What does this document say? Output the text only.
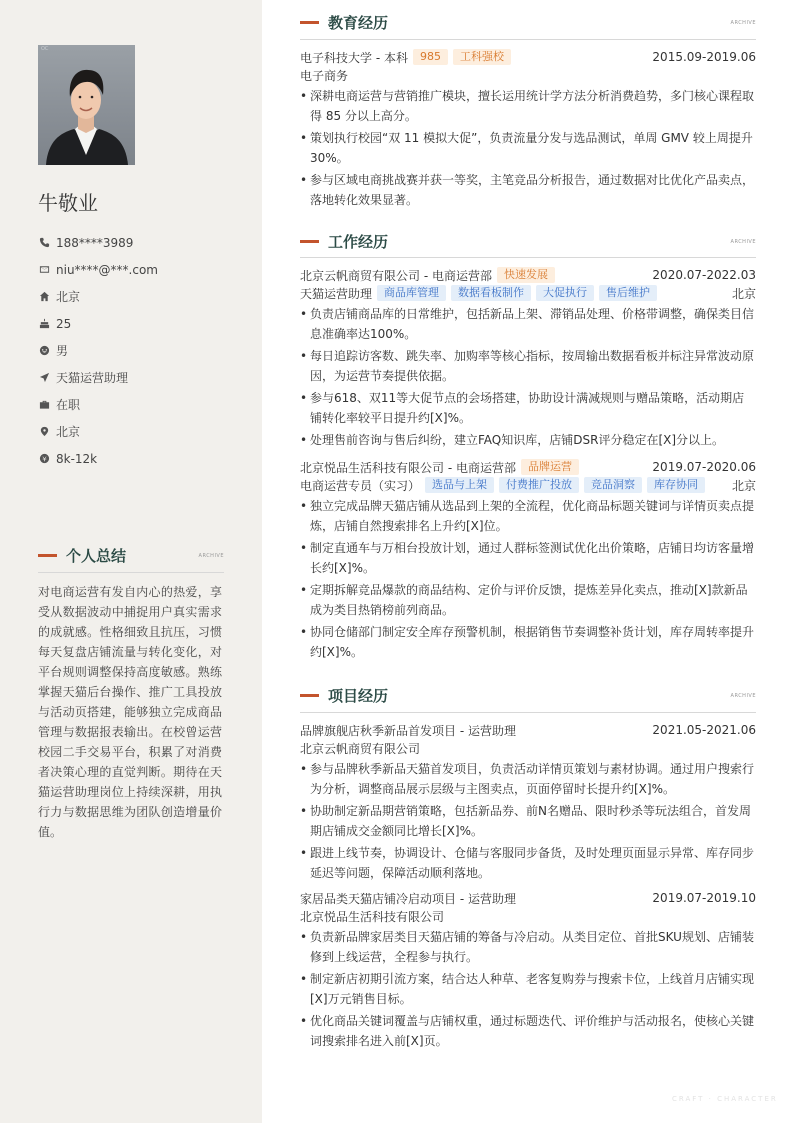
OC
牛敬业
188****3989
niu****@***.com
北京
25
男
天猫运营助理
在职
北京
8k-12k
个人总结	ARCHIVE
对电商运营有发自内心的热爱，享受从数据波动中捕捉用户真实需求的成就感。性格细致且抗压，习惯每天复盘店铺流量与转化变化，对平台规则调整保持高度敏感。熟练掌握天猫后台操作、推广工具投放与活动页搭建，能够独立完成商品管理与数据报表输出。在校曾运营校园二手交易平台，积累了对消费者决策心理的直觉判断。期待在天猫运营助理岗位上持续深耕，用执行力与数据思维为团队创造增量价值。
教育经历	ARCHIVE
电子科技大学 - 本科	985	工科强校	2015.09-2019.06
电子商务
• 深耕电商运营与营销推广模块，擅长运用统计学方法分析消费趋势，多门核心课程取得 85 分以上高分。
• 策划执行校园“双 11 模拟大促”，负责流量分发与选品测试，单周 GMV 较上周提升 30%。
• 参与区域电商挑战赛并获一等奖，主笔竞品分析报告，通过数据对比优化产品卖点，落地转化效果显著。
工作经历	ARCHIVE
北京云帆商贸有限公司 - 电商运营部	快速发展	2020.07-2022.03
天猫运营助理	商品库管理	数据看板制作	大促执行	售后维护	北京
• 负责店铺商品库的日常维护，包括新品上架、滞销品处理、价格带调整，确保类目信息准确率达100%。
• 每日追踪访客数、跳失率、加购率等核心指标，按周输出数据看板并标注异常波动原因，为运营节奏提供依据。
• 参与618、双11等大促节点的会场搭建，协助设计满减规则与赠品策略，活动期店铺转化率较平日提升约[X]%。
• 处理售前咨询与售后纠纷，建立FAQ知识库，店铺DSR评分稳定在[X]分以上。
北京悦品生活科技有限公司 - 电商运营部	品牌运营	2019.07-2020.06
电商运营专员（实习）	选品与上架	付费推广投放	竞品洞察	库存协同	北京
• 独立完成品牌天猫店铺从选品到上架的全流程，优化商品标题关键词与详情页卖点提炼，店铺自然搜索排名上升约[X]位。
• 制定直通车与万相台投放计划，通过人群标签测试优化出价策略，店铺日均访客量增长约[X]%。
• 定期拆解竞品爆款的商品结构、定价与评价反馈，提炼差异化卖点，推动[X]款新品成为类目热销榜前列商品。
• 协同仓储部门制定安全库存预警机制，根据销售节奏调整补货计划，库存周转率提升约[X]%。
项目经历	ARCHIVE
品牌旗舰店秋季新品首发项目 - 运营助理	2021.05-2021.06
北京云帆商贸有限公司
• 参与品牌秋季新品天猫首发项目，负责活动详情页策划与素材协调。通过用户搜索行为分析，调整商品展示层级与主图卖点，页面停留时长提升约[X]%。
• 协助制定新品期营销策略，包括新品券、前N名赠品、限时秒杀等玩法组合，首发周期店铺成交金额同比增长[X]%。
• 跟进上线节奏，协调设计、仓储与客服同步备货，及时处理页面显示异常、库存同步延迟等问题，保障活动顺利落地。
家居品类天猫店铺冷启动项目 - 运营助理	2019.07-2019.10
北京悦品生活科技有限公司
• 负责新品牌家居类目天猫店铺的筹备与冷启动。从类目定位、首批SKU规划、店铺装修到上线运营，全程参与执行。
• 制定新店初期引流方案，结合达人种草、老客复购券与搜索卡位，上线首月店铺实现[X]万元销售目标。
• 优化商品关键词覆盖与店铺权重，通过标题迭代、评价维护与活动报名，使核心关键词搜索排名进入前[X]页。
CRAFT · CHARACTER
